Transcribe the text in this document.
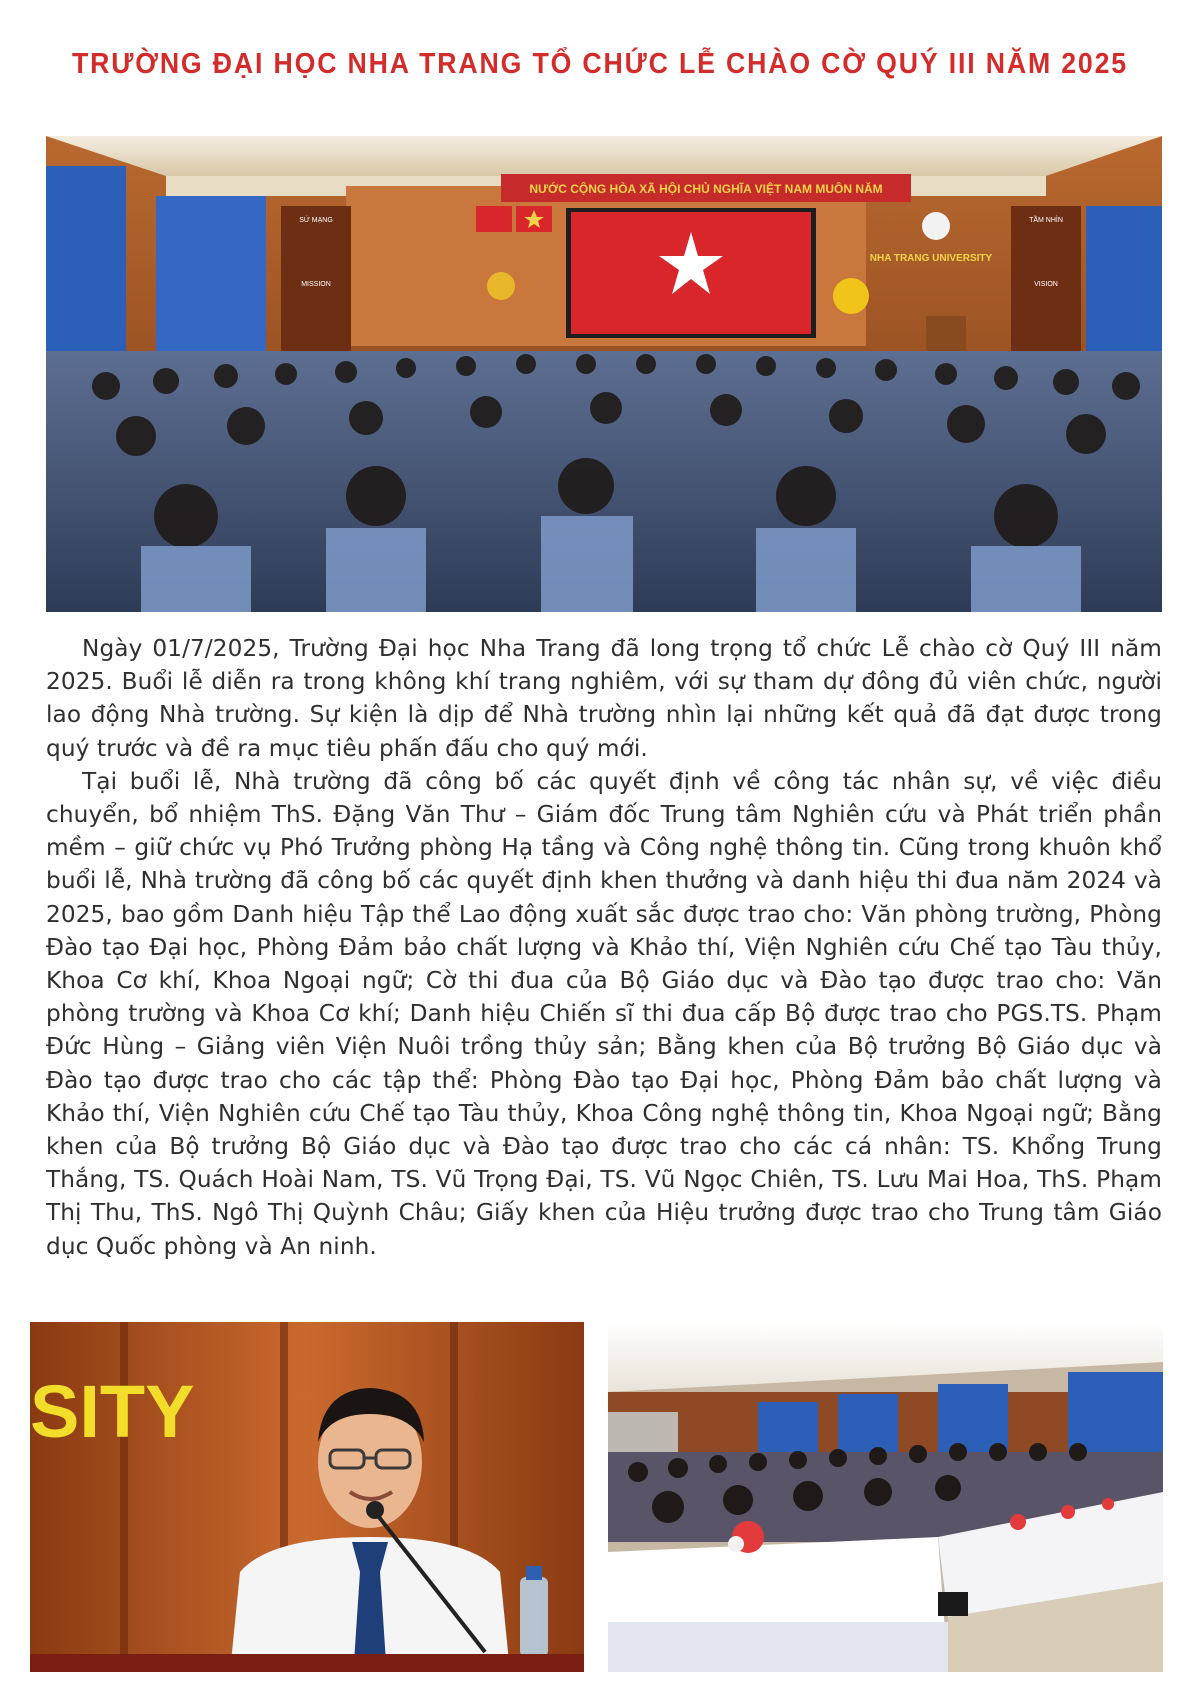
TRƯỜNG ĐẠI HỌC NHA TRANG TỔ CHỨC LỄ CHÀO CỜ QUÝ III NĂM 2025
NƯỚC CỘNG HÒA XÃ HỘI CHỦ NGHĨA VIỆT NAM MUÔN NĂM
NHA TRANG UNIVERSITY
SỨ MẠNG
MISSION
TẦM NHÌN
VISION

Ngày 01/7/2025, Trường Đại học Nha Trang đã long trọng tổ chức Lễ chào cờ Quý III năm 2025. Buổi lễ diễn ra trong không khí trang nghiêm, với sự tham dự đông đủ viên chức, người lao động Nhà trường. Sự kiện là dịp để Nhà trường nhìn lại những kết quả đã đạt được trong quý trước và đề ra mục tiêu phấn đấu cho quý mới.

Tại buổi lễ, Nhà trường đã công bố các quyết định về công tác nhân sự, về việc điều chuyển, bổ nhiệm ThS. Đặng Văn Thư – Giám đốc Trung tâm Nghiên cứu và Phát triển phần mềm – giữ chức vụ Phó Trưởng phòng Hạ tầng và Công nghệ thông tin. Cũng trong khuôn khổ buổi lễ, Nhà trường đã công bố các quyết định khen thưởng và danh hiệu thi đua năm 2024 và 2025, bao gồm Danh hiệu Tập thể Lao động xuất sắc được trao cho: Văn phòng trường, Phòng Đào tạo Đại học, Phòng Đảm bảo chất lượng và Khảo thí, Viện Nghiên cứu Chế tạo Tàu thủy, Khoa Cơ khí, Khoa Ngoại ngữ; Cờ thi đua của Bộ Giáo dục và Đào tạo được trao cho: Văn phòng trường và Khoa Cơ khí; Danh hiệu Chiến sĩ thi đua cấp Bộ được trao cho PGS.TS. Phạm Đức Hùng – Giảng viên Viện Nuôi trồng thủy sản; Bằng khen của Bộ trưởng Bộ Giáo dục và Đào tạo được trao cho các tập thể: Phòng Đào tạo Đại học, Phòng Đảm bảo chất lượng và Khảo thí, Viện Nghiên cứu Chế tạo Tàu thủy, Khoa Công nghệ thông tin, Khoa Ngoại ngữ; Bằng khen của Bộ trưởng Bộ Giáo dục và Đào tạo được trao cho các cá nhân: TS. Khổng Trung Thắng, TS. Quách Hoài Nam, TS. Vũ Trọng Đại, TS. Vũ Ngọc Chiên, TS. Lưu Mai Hoa, ThS. Phạm Thị Thu, ThS. Ngô Thị Quỳnh Châu; Giấy khen của Hiệu trưởng được trao cho Trung tâm Giáo dục Quốc phòng và An ninh.

SITY
